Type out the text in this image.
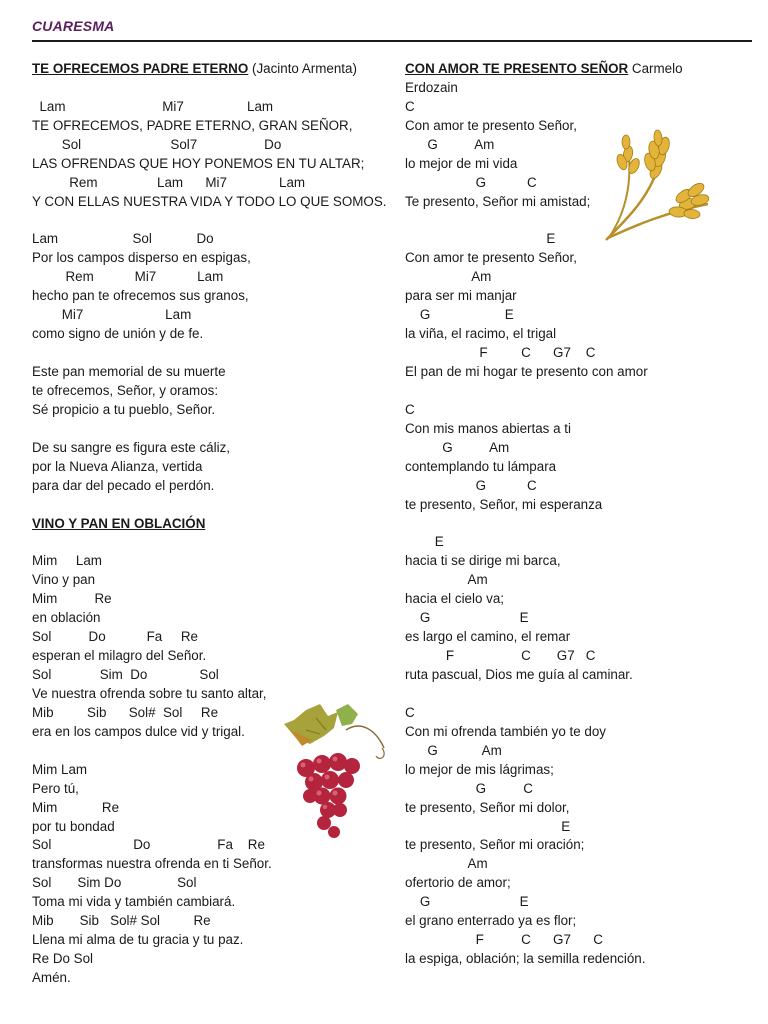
CUARESMA
TE OFRECEMOS PADRE ETERNO (Jacinto Armenta)
Lam                          Mi7                 Lam
TE OFRECEMOS, PADRE ETERNO, GRAN SEÑOR,
Sol                        Sol7                  Do
LAS OFRENDAS QUE HOY PONEMOS EN TU ALTAR;
Rem                Lam      Mi7              Lam
Y CON ELLAS NUESTRA VIDA Y TODO LO QUE SOMOS.
Lam                    Sol            Do
Por los campos disperso en espigas,
Rem           Mi7           Lam
hecho pan te ofrecemos sus granos,
Mi7                      Lam
como signo de unión y de fe.
Este pan memorial de su muerte
te ofrecemos, Señor, y oramos:
Sé propicio a tu pueblo, Señor.
De su sangre es figura este cáliz,
por la Nueva Alianza, vertida
para dar del pecado el perdón.
VINO Y PAN EN OBLACIÓN
Mim     Lam
Vino y pan
Mim          Re
en oblación
Sol          Do           Fa     Re
esperan el milagro del Señor.
Sol             Sim  Do              Sol
Ve nuestra ofrenda sobre tu santo altar,
Mib         Sib      Sol#  Sol     Re
era en los campos dulce vid y trigal.
Mim Lam
Pero tú,
Mim            Re
por tu bondad
Sol                      Do                  Fa    Re
transformas nuestra ofrenda en ti Señor.
Sol       Sim Do               Sol
Toma mi vida y también cambiará.
Mib       Sib   Sol# Sol         Re
Llena mi alma de tu gracia y tu paz.
Re Do Sol
Amén.
CON AMOR TE PRESENTO SEÑOR Carmelo Erdozain
C
Con amor te presento Señor,
G          Am
lo mejor de mi vida
G           C
Te presento, Señor mi amistad;
E
Con amor te presento Señor,
Am
para ser mi manjar
G                    E
la viña, el racimo, el trigal
F         C      G7    C
El pan de mi hogar te presento con amor
C
Con mis manos abiertas a ti
G          Am
contemplando tu lámpara
G           C
te presento, Señor, mi esperanza
E
hacia ti se dirige mi barca,
Am
hacia el cielo va;
G                        E
es largo el camino, el remar
F                  C       G7   C
ruta pascual, Dios me guía al caminar.
C
Con mi ofrenda también yo te doy
G            Am
lo mejor de mis lágrimas;
G          C
te presento, Señor mi dolor,
E
te presento, Señor mi oración;
Am
ofertorio de amor;
G                        E
el grano enterrado ya es flor;
F          C      G7      C
la espiga, oblación; la semilla redención.
